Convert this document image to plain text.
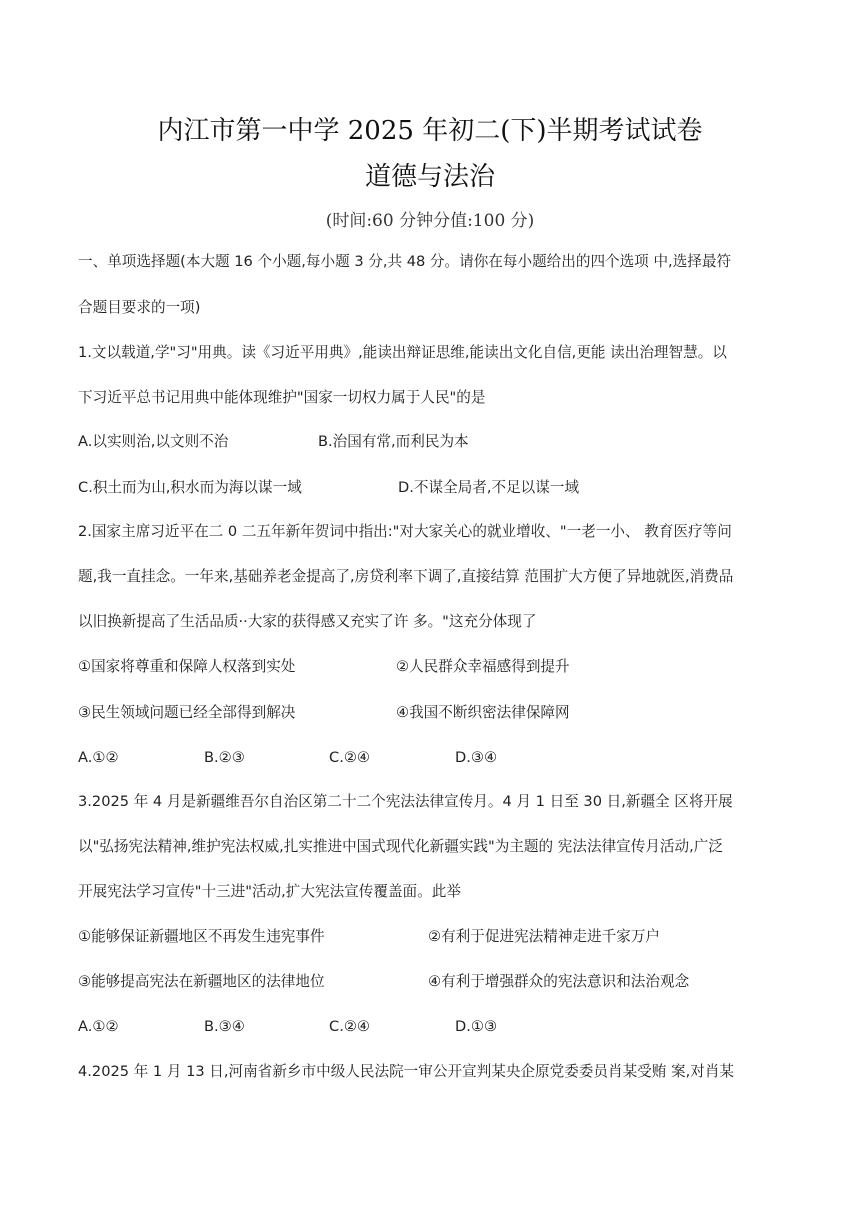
内江市第一中学 2025 年初二(下)半期考试试卷
道德与法治
(时间:60 分钟分值:100 分)
一、单项选择题(本大题 16 个小题,每小题 3 分,共 48 分。请你在每小题给出的四个选项 中,选择最符
合题目要求的一项)
1.文以载道,学"习"用典。读《习近平用典》,能读出辩证思维,能读出文化自信,更能 读出治理智慧。以
下习近平总书记用典中能体现维护"国家一切权力属于人民"的是
A.以实则治,以文则不治	B.治国有常,而利民为本
C.积土而为山,积水而为海以谋一域	D.不谋全局者,不足以谋一域
2.国家主席习近平在二 0 二五年新年贺词中指出:"对大家关心的就业增收、"一老一小、 教育医疗等问
题,我一直挂念。一年来,基础养老金提高了,房贷利率下调了,直接结算 范围扩大方便了异地就医,消费品
以旧换新提高了生活品质··大家的获得感又充实了许 多。"这充分体现了
①国家将尊重和保障人权落到实处	②人民群众幸福感得到提升
③民生领域问题已经全部得到解决	④我国不断织密法律保障网
A.①②	B.②③	C.②④	D.③④
3.2025 年 4 月是新疆维吾尔自治区第二十二个宪法法律宣传月。4 月 1 日至 30 日,新疆全 区将开展
以"弘扬宪法精神,维护宪法权威,扎实推进中国式现代化新疆实践"为主题的 宪法法律宣传月活动,广泛
开展宪法学习宣传"十三进"活动,扩大宪法宣传覆盖面。此举
①能够保证新疆地区不再发生违宪事件	②有利于促进宪法精神走进千家万户
③能够提高宪法在新疆地区的法律地位	④有利于增强群众的宪法意识和法治观念
A.①②	B.③④	C.②④	D.①③
4.2025 年 1 月 13 日,河南省新乡市中级人民法院一审公开宣判某央企原党委委员肖某受贿 案,对肖某
